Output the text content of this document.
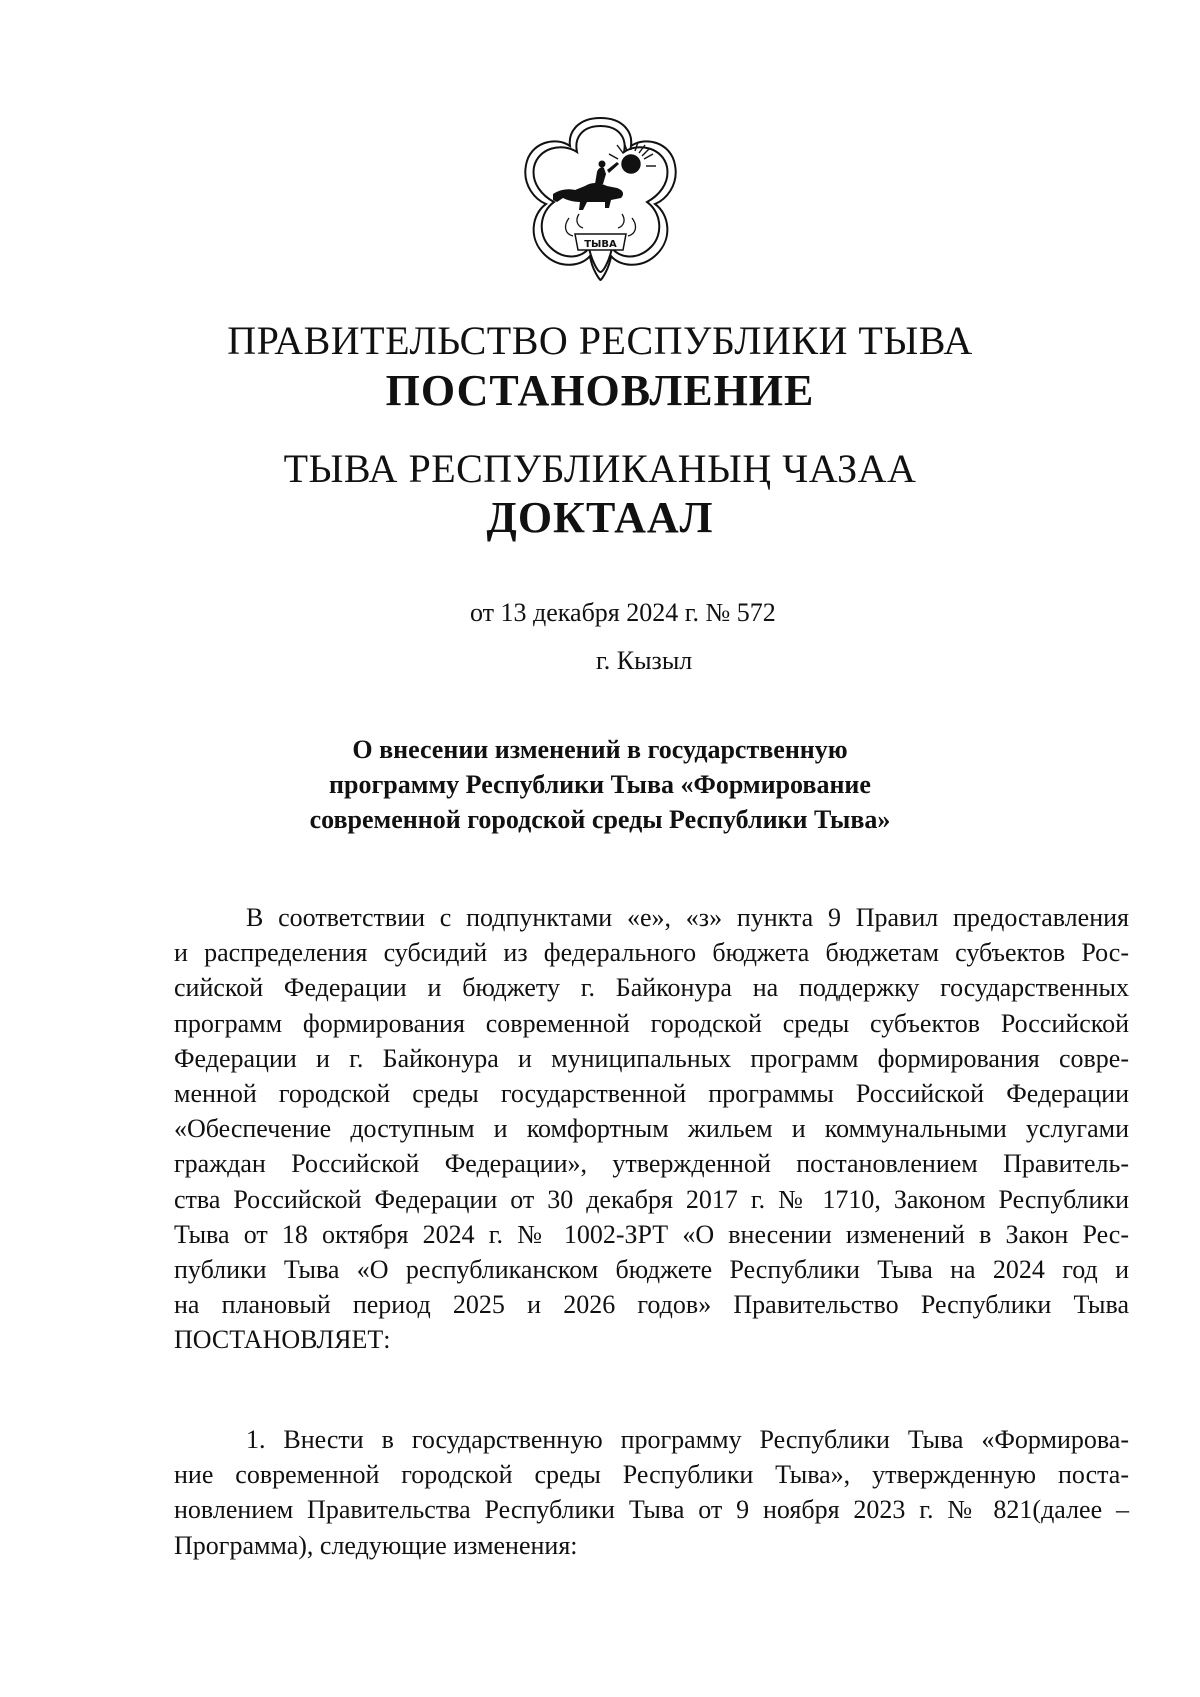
ТЫВА
ПРАВИТЕЛЬСТВО РЕСПУБЛИКИ ТЫВА
ПОСТАНОВЛЕНИЕ
ТЫВА РЕСПУБЛИКАНЫҢ ЧАЗАА
ДОКТААЛ
от 13 декабря 2024 г. № 572
г. Кызыл
О внесении изменений в государственную
программу Республики Тыва «Формирование
современной городской среды Республики Тыва»
В соответствии с подпунктами «е», «з» пункта 9 Правил предоставления
и распределения субсидий из федерального бюджета бюджетам субъектов Рос-
сийской Федерации и бюджету г. Байконура на поддержку государственных
программ формирования современной городской среды субъектов Российской
Федерации и г. Байконура и муниципальных программ формирования совре-
менной городской среды государственной программы Российской Федерации
«Обеспечение доступным и комфортным жильем и коммунальными услугами
граждан Российской Федерации», утвержденной постановлением Правитель-
ства Российской Федерации от 30 декабря 2017 г. № 1710, Законом Республики
Тыва от 18 октября 2024 г. № 1002-ЗРТ «О внесении изменений в Закон Рес-
публики Тыва «О республиканском бюджете Республики Тыва на 2024 год и
на плановый период 2025 и 2026 годов» Правительство Республики Тыва
ПОСТАНОВЛЯЕТ:
1. Внести в государственную программу Республики Тыва «Формирова-
ние современной городской среды Республики Тыва», утвержденную поста-
новлением Правительства Республики Тыва от 9 ноября 2023 г. № 821(далее –
Программа), следующие изменения:
